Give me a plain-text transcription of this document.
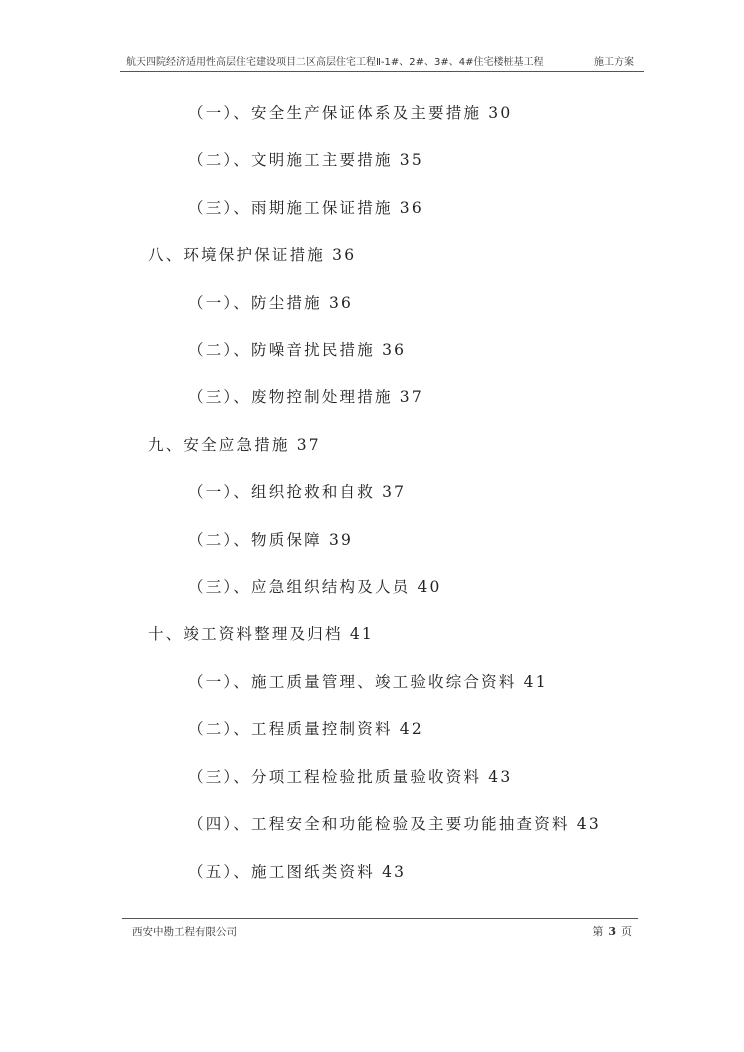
航天四院经济适用性高层住宅建设项目二区高层住宅工程Ⅱ-1#、2#、3#、4#住宅楼桩基工程	施工方案
（一）、安全生产保证体系及主要措施 30
（二）、文明施工主要措施 35
（三）、雨期施工保证措施 36
八、环境保护保证措施 36
（一）、防尘措施 36
（二）、防噪音扰民措施 36
（三）、废物控制处理措施 37
九、安全应急措施 37
（一）、组织抢救和自救 37
（二）、物质保障 39
（三）、应急组织结构及人员 40
十、竣工资料整理及归档 41
（一）、施工质量管理、竣工验收综合资料 41
（二）、工程质量控制资料 42
（三）、分项工程检验批质量验收资料 43
（四）、工程安全和功能检验及主要功能抽查资料 43
（五）、施工图纸类资料 43
西安中勘工程有限公司	第 3 页
